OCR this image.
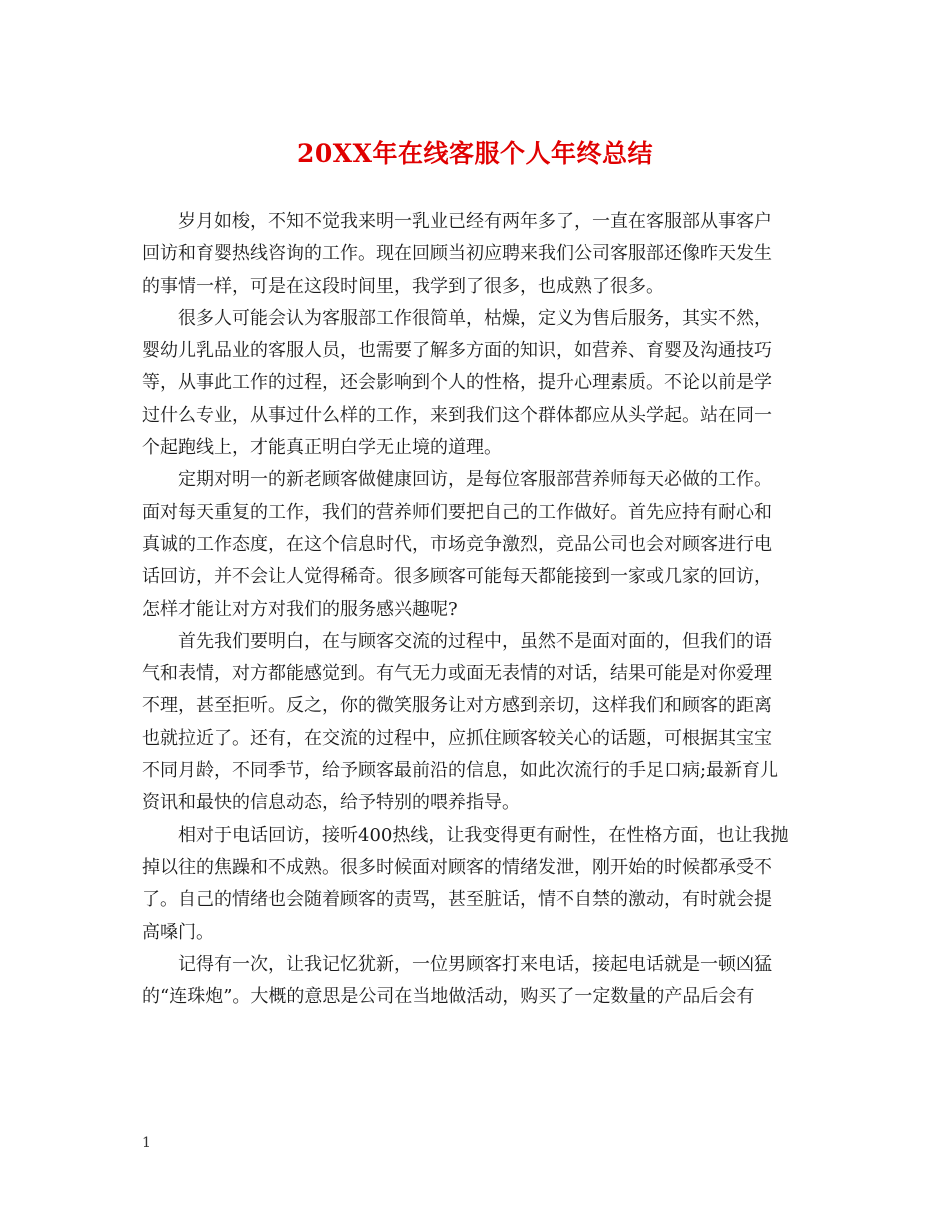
20XX年在线客服个人年终总结

岁月如梭，不知不觉我来明一乳业已经有两年多了，一直在客服部从事客户
回访和育婴热线咨询的工作。现在回顾当初应聘来我们公司客服部还像昨天发生
的事情一样，可是在这段时间里，我学到了很多，也成熟了很多。

很多人可能会认为客服部工作很简单，枯燥，定义为售后服务，其实不然，
婴幼儿乳品业的客服人员，也需要了解多方面的知识，如营养、育婴及沟通技巧
等，从事此工作的过程，还会影响到个人的性格，提升心理素质。不论以前是学
过什么专业，从事过什么样的工作，来到我们这个群体都应从头学起。站在同一
个起跑线上，才能真正明白学无止境的道理。

定期对明一的新老顾客做健康回访，是每位客服部营养师每天必做的工作。
面对每天重复的工作，我们的营养师们要把自己的工作做好。首先应持有耐心和
真诚的工作态度，在这个信息时代，市场竞争激烈，竞品公司也会对顾客进行电
话回访，并不会让人觉得稀奇。很多顾客可能每天都能接到一家或几家的回访，
怎样才能让对方对我们的服务感兴趣呢?

首先我们要明白，在与顾客交流的过程中，虽然不是面对面的，但我们的语
气和表情，对方都能感觉到。有气无力或面无表情的对话，结果可能是对你爱理
不理，甚至拒听。反之，你的微笑服务让对方感到亲切，这样我们和顾客的距离
也就拉近了。还有，在交流的过程中，应抓住顾客较关心的话题，可根据其宝宝
不同月龄，不同季节，给予顾客最前沿的信息，如此次流行的手足口病;最新育儿
资讯和最快的信息动态，给予特别的喂养指导。

相对于电话回访，接听400热线，让我变得更有耐性，在性格方面，也让我抛
掉以往的焦躁和不成熟。很多时候面对顾客的情绪发泄，刚开始的时候都承受不
了。自己的情绪也会随着顾客的责骂，甚至脏话，情不自禁的激动，有时就会提
高嗓门。

记得有一次，让我记忆犹新，一位男顾客打来电话，接起电话就是一顿凶猛
的“连珠炮”。大概的意思是公司在当地做活动，购买了一定数量的产品后会有

1
